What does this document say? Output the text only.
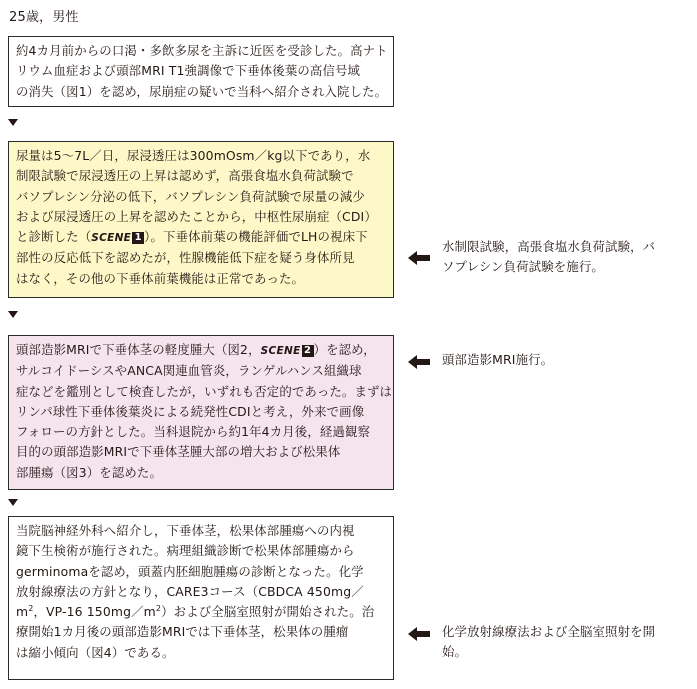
25歳，男性
約4カ月前からの口渇・多飲多尿を主訴に近医を受診した。高ナト
リウム血症および頭部MRI T1強調像で下垂体後葉の高信号域
の消失（図1）を認め，尿崩症の疑いで当科へ紹介され入院した。
尿量は5〜7L／日，尿浸透圧は300mOsm／kg以下であり，水
制限試験で尿浸透圧の上昇は認めず，高張食塩水負荷試験で
バソプレシン分泌の低下，バソプレシン負荷試験で尿量の減少
および尿浸透圧の上昇を認めたことから，中枢性尿崩症（CDI）
と診断した（SCENE 1 ）。下垂体前葉の機能評価でLHの視床下
部性の反応低下を認めたが，性腺機能低下症を疑う身体所見
はなく，その他の下垂体前葉機能は正常であった。
頭部造影MRIで下垂体茎の軽度腫大（図2，SCENE 2 ）を認め，
サルコイドーシスやANCA関連血管炎，ランゲルハンス組織球
症などを鑑別として検査したが，いずれも否定的であった。まずは
リンパ球性下垂体後葉炎による続発性CDIと考え，外来で画像
フォローの方針とした。当科退院から約1年4カ月後，経過観察
目的の頭部造影MRIで下垂体茎腫大部の増大および松果体
部腫瘍（図3）を認めた。
当院脳神経外科へ紹介し，下垂体茎，松果体部腫瘍への内視
鏡下生検術が施行された。病理組織診断で松果体部腫瘍から
germinomaを認め，頭蓋内胚細胞腫瘍の診断となった。化学
放射線療法の方針となり，CARE3コース（CBDCA 450mg／
$m^2$，VP-16 $150mg/m^2$）および全脳室照射が開始された。治
療開始1カ月後の頭部造影MRIでは下垂体茎，松果体の腫瘤
は縮小傾向（図4）である。
水制限試験，高張食塩水負荷試験，バ
ソプレシン負荷試験を施行。
頭部造影MRI施行。
化学放射線療法および全脳室照射を開
始。
